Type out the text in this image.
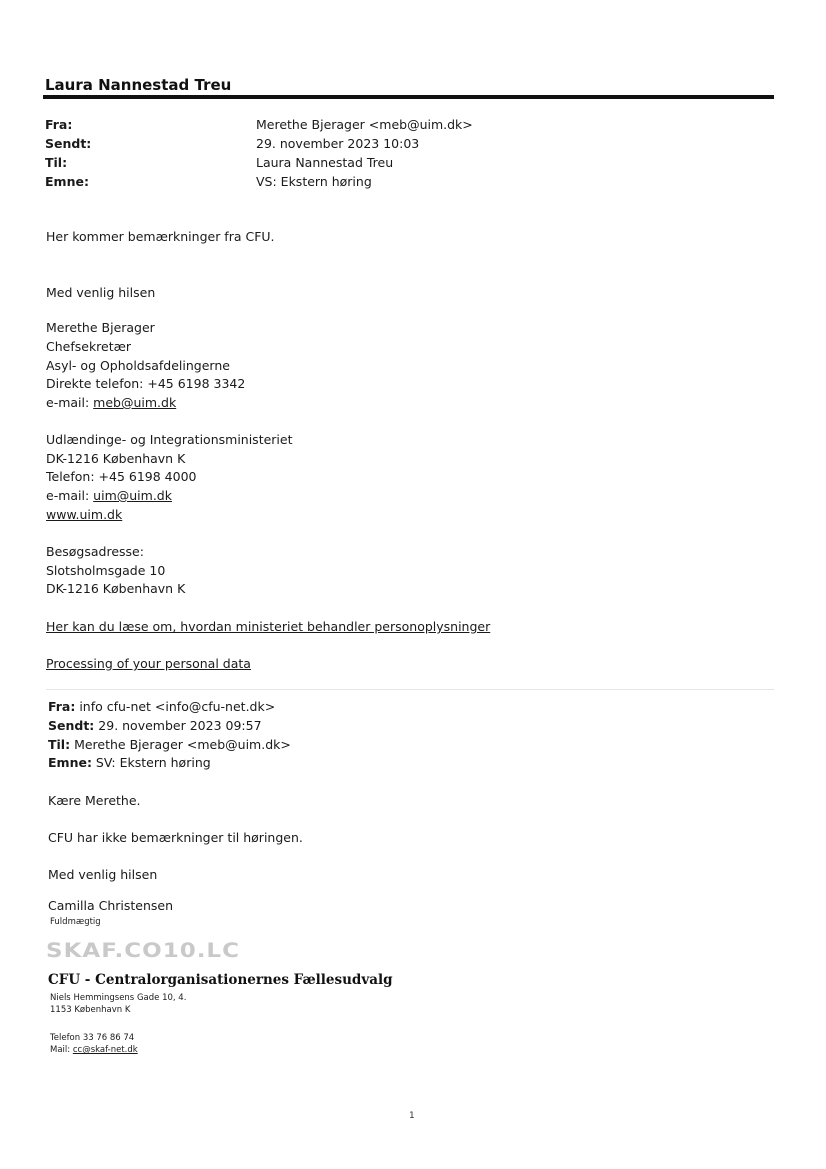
Laura Nannestad Treu
Fra:	Merethe Bjerager <meb@uim.dk>
Sendt:	29. november 2023 10:03
Til:	Laura Nannestad Treu
Emne:	VS: Ekstern høring
Her kommer bemærkninger fra CFU.
Med venlig hilsen
Merethe Bjerager
Chefsekretær
Asyl- og Opholdsafdelingerne
Direkte telefon: +45 6198 3342
e-mail: meb@uim.dk
Udlændinge- og Integrationsministeriet
DK-1216 København K
Telefon: +45 6198 4000
e-mail: uim@uim.dk
www.uim.dk
Besøgsadresse:
Slotsholmsgade 10
DK-1216 København K
Her kan du læse om, hvordan ministeriet behandler personoplysninger
Processing of your personal data
Fra: info cfu-net <info@cfu-net.dk>
Sendt: 29. november 2023 09:57
Til: Merethe Bjerager <meb@uim.dk>
Emne: SV: Ekstern høring
Kære Merethe.
CFU har ikke bemærkninger til høringen.
Med venlig hilsen
Camilla Christensen
Fuldmægtig
SKAF.CO10.LC
CFU - Centralorganisationernes Fællesudvalg
Niels Hemmingsens Gade 10, 4.
1153 København K
Telefon 33 76 86 74
Mail: cc@skaf-net.dk
1
